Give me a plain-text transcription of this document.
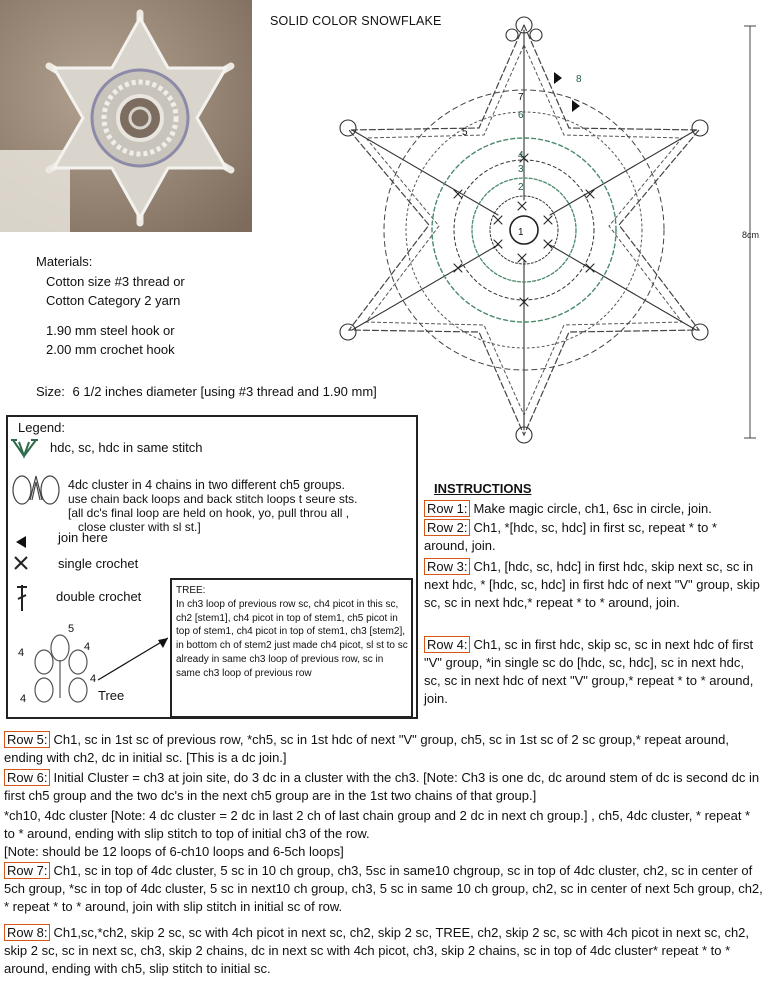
SOLID COLOR SNOWFLAKE
1
2
3
4
5
6
7
8
8cm
Materials:
Cotton size #3 thread or
Cotton Category 2 yarn
1.90 mm steel hook or
2.00 mm crochet hook
Size: 6 1/2 inches diameter [using #3 thread and 1.90 mm]
Legend:
hdc, sc, hdc in same stitch
4dc cluster in 4 chains in two different ch5 groups.
use chain back loops and back stitch loops t seure sts.
[all dc's final loop are held on hook, yo, pull throu all ,
close cluster with sl st.]
join here
single crochet
double crochet
5
4	4
4
4	Tree
TREE:
In ch3 loop of previous row sc, ch4 picot in this sc, ch2 [stem1], ch4 picot in top of stem1, ch5 picot in top of stem1, ch4 picot in top of stem1, ch3 [stem2], in bottom ch of stem2 just made ch4 picot, sl st to sc already in same ch3 loop of previous row, sc in same ch3 loop of previous row
INSTRUCTIONS
Row 1: Make magic circle, ch1, 6sc in circle, join.
Row 2: Ch1, *[hdc, sc, hdc] in first sc, repeat * to * around, join.
Row 3: Ch1, [hdc, sc, hdc] in first hdc, skip next sc, sc in next hdc, * [hdc, sc, hdc] in first hdc of next "V" group, skip sc, sc in next hdc,* repeat * to * around, join.
Row 4: Ch1, sc in first hdc, skip sc, sc in next hdc of first "V" group, *in single sc do [hdc, sc, hdc], sc in next hdc, sc, sc in next hdc of next "V" group,* repeat * to * around, join.
Row 5: Ch1, sc in 1st sc of previous row, *ch5, sc in 1st hdc of next "V" group, ch5, sc in 1st sc of 2 sc group,* repeat around, ending with ch2, dc in initial sc. [This is a dc join.]
Row 6: Initial Cluster = ch3 at join site, do 3 dc in a cluster with the ch3. [Note: Ch3 is one dc, dc around stem of dc is second dc in first ch5 group and the two dc's in the next ch5 group are in the 1st two chains of that group.]
*ch10, 4dc cluster [Note: 4 dc cluster = 2 dc in last 2 ch of last chain group and 2 dc in next ch group.] , ch5, 4dc cluster, * repeat * to * around, ending with slip stitch to top of initial ch3 of the row.
[Note: should be 12 loops of 6-ch10 loops and 6-5ch loops]
Row 7: Ch1, sc in top of 4dc cluster, 5 sc in 10 ch group, ch3, 5sc in same10 chgroup, sc in top of 4dc cluster, ch2, sc in center of 5ch group, *sc in top of 4dc cluster, 5 sc in next10 ch group, ch3, 5 sc in same 10 ch group, ch2, sc in center of next 5ch group, ch2, * repeat * to * around, join with slip stitch in initial sc of row.
Row 8: Ch1,sc,*ch2, skip 2 sc, sc with 4ch picot in next sc, ch2, skip 2 sc, TREE, ch2, skip 2 sc, sc with 4ch picot in next sc, ch2, skip 2 sc, sc in next sc, ch3, skip 2 chains, dc in next sc with 4ch picot, ch3, skip 2 chains, sc in top of 4dc cluster* repeat * to * around, ending with ch5, slip stitch to initial sc.
